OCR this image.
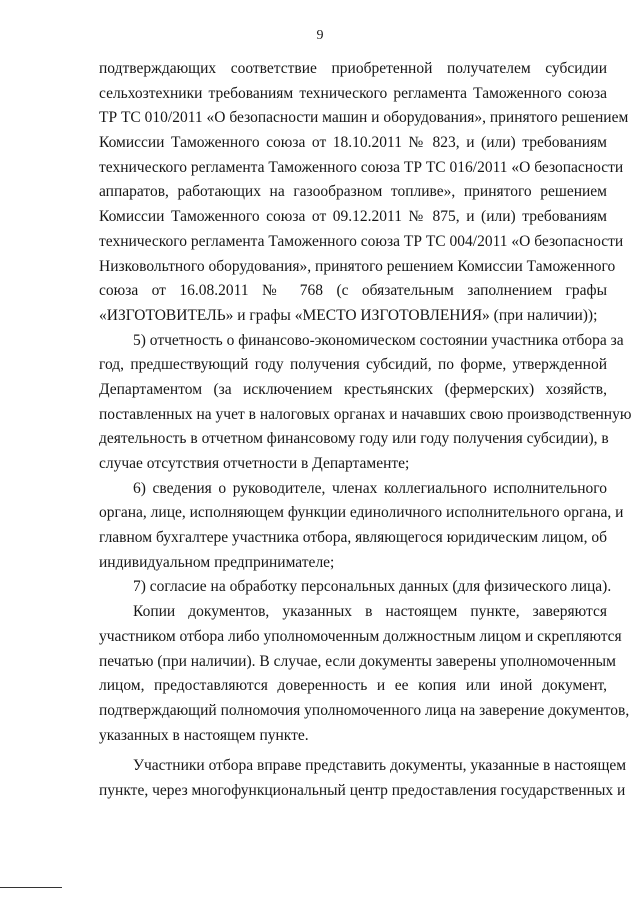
9
подтверждающих соответствие приобретенной получателем субсидии
сельхозтехники требованиям технического регламента Таможенного союза
ТР ТС 010/2011 «О безопасности машин и оборудования», принятого решением
Комиссии Таможенного союза от 18.10.2011 № 823, и (или) требованиям
технического регламента Таможенного союза ТР ТС 016/2011 «О безопасности
аппаратов, работающих на газообразном топливе», принятого решением
Комиссии Таможенного союза от 09.12.2011 № 875, и (или) требованиям
технического регламента Таможенного союза ТР ТС 004/2011 «О безопасности
Низковольтного оборудования», принятого решением Комиссии Таможенного
союза от 16.08.2011 № 768 (с обязательным заполнением графы
«ИЗГОТОВИТЕЛЬ» и графы «МЕСТО ИЗГОТОВЛЕНИЯ» (при наличии));
5) отчетность о финансово-экономическом состоянии участника отбора за
год, предшествующий году получения субсидий, по форме, утвержденной
Департаментом (за исключением крестьянских (фермерских) хозяйств,
поставленных на учет в налоговых органах и начавших свою производственную
деятельность в отчетном финансовому году или году получения субсидии), в
случае отсутствия отчетности в Департаменте;
6) сведения о руководителе, членах коллегиального исполнительного
органа, лице, исполняющем функции единоличного исполнительного органа, и
главном бухгалтере участника отбора, являющегося юридическим лицом, об
индивидуальном предпринимателе;
7) согласие на обработку персональных данных (для физического лица).
Копии документов, указанных в настоящем пункте, заверяются
участником отбора либо уполномоченным должностным лицом и скрепляются
печатью (при наличии). В случае, если документы заверены уполномоченным
лицом, предоставляются доверенность и ее копия или иной документ,
подтверждающий полномочия уполномоченного лица на заверение документов,
указанных в настоящем пункте.
Участники отбора вправе представить документы, указанные в настоящем
пункте, через многофункциональный центр предоставления государственных и
